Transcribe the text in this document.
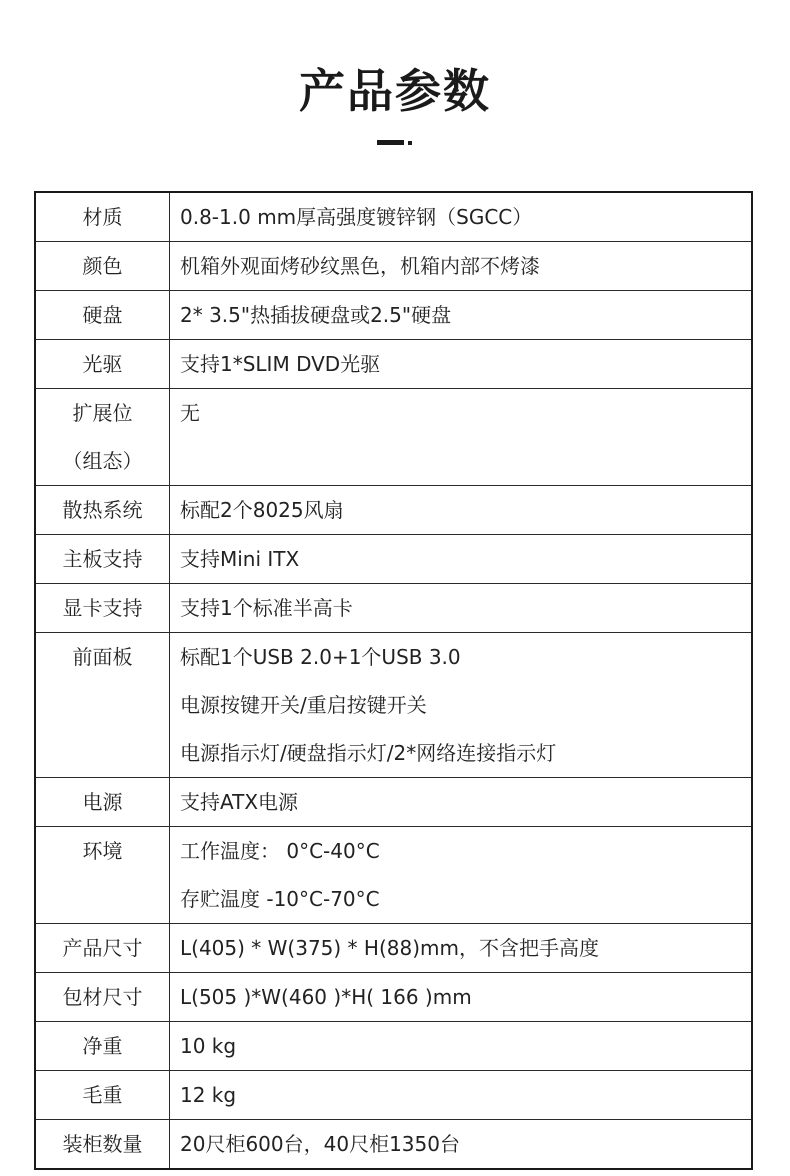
产品参数
材质	0.8-1.0 mm厚高强度镀锌钢（SGCC）

颜色	机箱外观面烤砂纹黑色，机箱内部不烤漆

硬盘	2* 3.5"热插拔硬盘或2.5"硬盘

光驱	支持1*SLIM DVD光驱

扩展位
（组态）	无

散热系统	标配2个8025风扇

主板支持	支持Mini ITX

显卡支持	支持1个标准半高卡

前面板	标配1个USB 2.0+1个USB 3.0
电源按键开关/重启按键开关
电源指示灯/硬盘指示灯/2*网络连接指示灯

电源	支持ATX电源

环境	工作温度： 0°C-40°C
存贮温度 -10°C-70°C

产品尺寸	L(405) * W(375) * H(88)mm，不含把手高度

包材尺寸	L(505 )*W(460 )*H( 166 )mm

净重	10 kg

毛重	12 kg

装柜数量	20尺柜600台，40尺柜1350台
